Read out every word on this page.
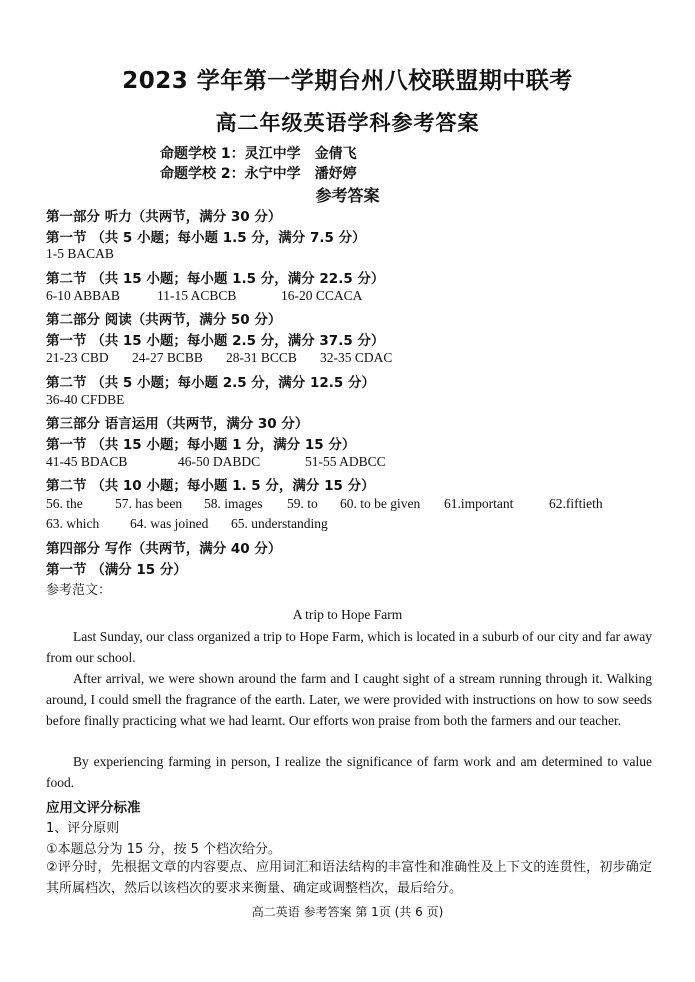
2023 学年第一学期台州八校联盟期中联考
高二年级英语学科参考答案
命题学校 1：灵江中学　金倩飞
命题学校 2：永宁中学　潘妤婷
参考答案
第一部分 听力（共两节，满分 30 分）
第一节 （共 5 小题；每小题 1.5 分，满分 7.5 分）
1-5 BACAB
第二节 （共 15 小题；每小题 1.5 分，满分 22.5 分）
6-10 ABBAB	11-15 ACBCB	16-20 CCACA
第二部分 阅读（共两节，满分 50 分）
第一节 （共 15 小题；每小题 2.5 分，满分 37.5 分）
21-23 CBD 24-27 BCBB 28-31 BCCB 32-35 CDAC
第二节 （共 5 小题；每小题 2.5 分，满分 12.5 分）
36-40 CFDBE
第三部分 语言运用（共两节，满分 30 分）
第一节 （共 15 小题；每小题 1 分，满分 15 分）
41-45 BDACB	46-50 DABDC	51-55 ADBCC
第二节 （共 10 小题；每小题 1. 5 分，满分 15 分）
56. the 57. has been 58. images 59. to 60. to be given 61.important	62.fiftieth
63. which 64. was joined 65. understanding
第四部分 写作（共两节，满分 40 分）
第一节 （满分 15 分）
参考范文：
A trip to Hope Farm
Last Sunday, our class organized a trip to Hope Farm, which is located in a suburb of our city and far away from our school.
After arrival, we were shown around the farm and I caught sight of a stream running through it. Walking around, I could smell the fragrance of the earth. Later, we were provided with instructions on how to sow seeds before finally practicing what we had learnt. Our efforts won praise from both the farmers and our teacher.
By experiencing farming in person, I realize the significance of farm work and am determined to value food.
应用文评分标准
1、评分原则
①本题总分为 15 分，按 5 个档次给分。
②评分时，先根据文章的内容要点、应用词汇和语法结构的丰富性和准确性及上下文的连贯性，初步确定其所属档次，然后以该档次的要求来衡量、确定或调整档次，最后给分。
高二英语 参考答案 第 1页 (共 6 页)
